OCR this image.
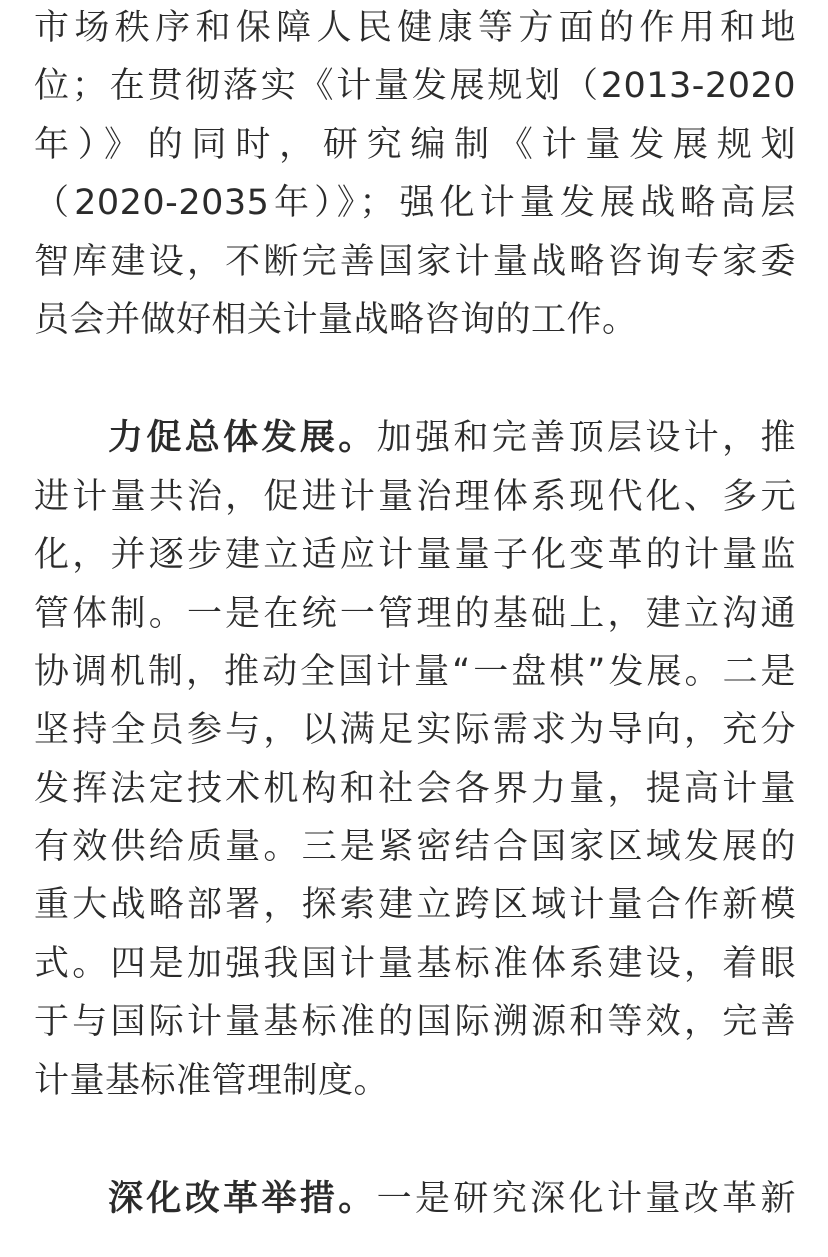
市场秩序和保障人民健康等方面的作用和地
位；在贯彻落实《计量发展规划（2013-2020
年）》的同时，研究编制《计量发展规划
（2020-2035年）》；强化计量发展战略高层
智库建设，不断完善国家计量战略咨询专家委
员会并做好相关计量战略咨询的工作。
力促总体发展。加强和完善顶层设计，推
进计量共治，促进计量治理体系现代化、多元
化，并逐步建立适应计量量子化变革的计量监
管体制。一是在统一管理的基础上，建立沟通
协调机制，推动全国计量“一盘棋”发展。二是
坚持全员参与，以满足实际需求为导向，充分
发挥法定技术机构和社会各界力量，提高计量
有效供给质量。三是紧密结合国家区域发展的
重大战略部署，探索建立跨区域计量合作新模
式。四是加强我国计量基标准体系建设，着眼
于与国际计量基标准的国际溯源和等效，完善
计量基标准管理制度。
深化改革举措。一是研究深化计量改革新
